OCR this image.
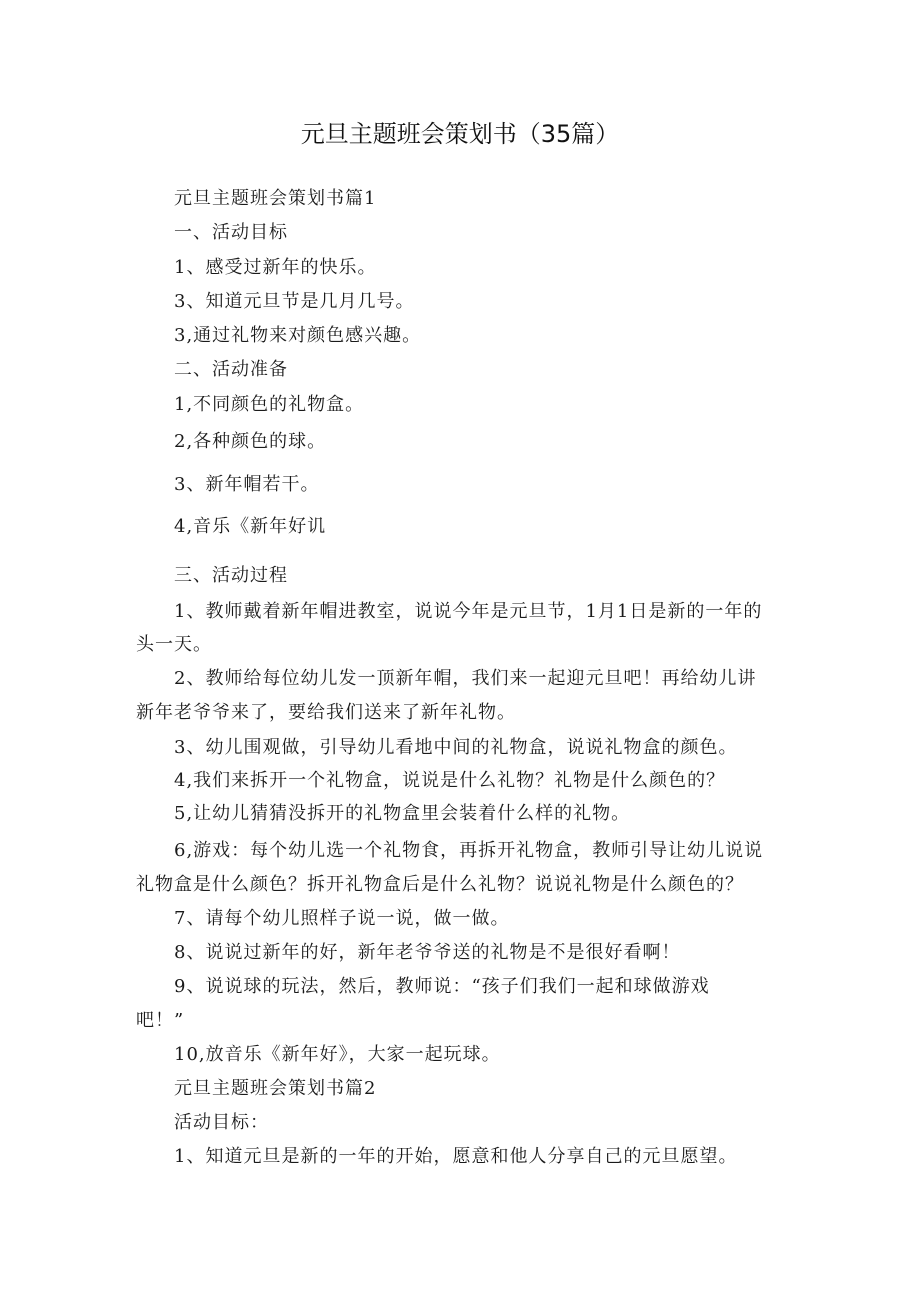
元旦主题班会策划书（35篇）
元旦主题班会策划书篇1
一、活动目标
1、感受过新年的快乐。
3、知道元旦节是几月几号。
3,通过礼物来对颜色感兴趣。
二、活动准备
1,不同颜色的礼物盒。
2,各种颜色的球。
3、新年帽若干。
4,音乐《新年好讥
三、活动过程
1、教师戴着新年帽进教室，说说今年是元旦节，1月1日是新的一年的
头一天。
2、教师给每位幼儿发一顶新年帽，我们来一起迎元旦吧！再给幼儿讲
新年老爷爷来了，要给我们送来了新年礼物。
3、幼儿围观做，引导幼儿看地中间的礼物盒，说说礼物盒的颜色。
4,我们来拆开一个礼物盒，说说是什么礼物？礼物是什么颜色的？
5,让幼儿猜猜没拆开的礼物盒里会装着什么样的礼物。
6,游戏：每个幼儿选一个礼物食，再拆开礼物盒，教师引导让幼儿说说
礼物盒是什么颜色？拆开礼物盒后是什么礼物？说说礼物是什么颜色的？
7、请每个幼儿照样子说一说，做一做。
8、说说过新年的好，新年老爷爷送的礼物是不是很好看啊！
9、说说球的玩法，然后，教师说：“孩子们我们一起和球做游戏
吧！”
10,放音乐《新年好》，大家一起玩球。
元旦主题班会策划书篇2
活动目标：
1、知道元旦是新的一年的开始，愿意和他人分享自己的元旦愿望。
